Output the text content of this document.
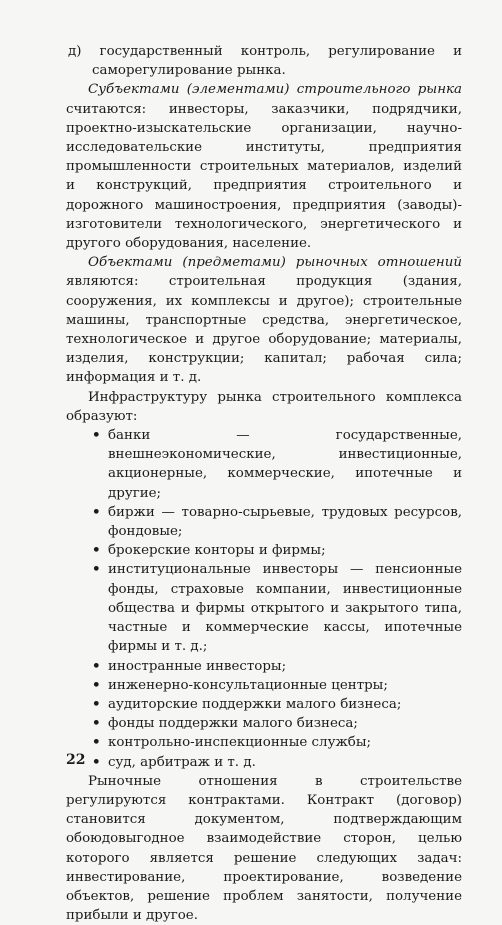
д) государственный контроль, регулирование и саморегулирование рынка.

Субъектами (элементами) строительного рынка считаются: инвесторы, заказчики, подрядчики, проектно-изыскательские организации, научно-исследовательские институты, предприятия промышленности строительных материалов, изделий и конструкций, предприятия строительного и дорожного машиностроения, предприятия (заводы)-изготовители технологического, энергетического и другого оборудования, население.

Объектами (предметами) рыночных отношений являются: строительная продукция (здания, сооружения, их комплексы и другое); строительные машины, транспортные средства, энергетическое, технологическое и другое оборудование; материалы, изделия, конструкции; капитал; рабочая сила; информация и т. д.

Инфраструктуру рынка строительного комплекса образуют:

• банки — государственные, внешнеэкономические, инвестиционные, акционерные, коммерческие, ипотечные и другие;
• биржи — товарно-сырьевые, трудовых ресурсов, фондовые;
• брокерские конторы и фирмы;
• институциональные инвесторы — пенсионные фонды, страховые компании, инвестиционные общества и фирмы открытого и закрытого типа, частные и коммерческие кассы, ипотечные фирмы и т. д.;
• иностранные инвесторы;
• инженерно-консультационные центры;
• аудиторские поддержки малого бизнеса;
• фонды поддержки малого бизнеса;
• контрольно-инспекционные службы;
• суд, арбитраж и т. д.

Рыночные отношения в строительстве регулируются контрактами. Контракт (договор) становится документом, подтверждающим обоюдовыгодное взаимодействие сторон, целью которого является решение следующих задач: инвестирование, проектирование, возведение объектов, решение проблем занятости, получение прибыли и другое.

22
